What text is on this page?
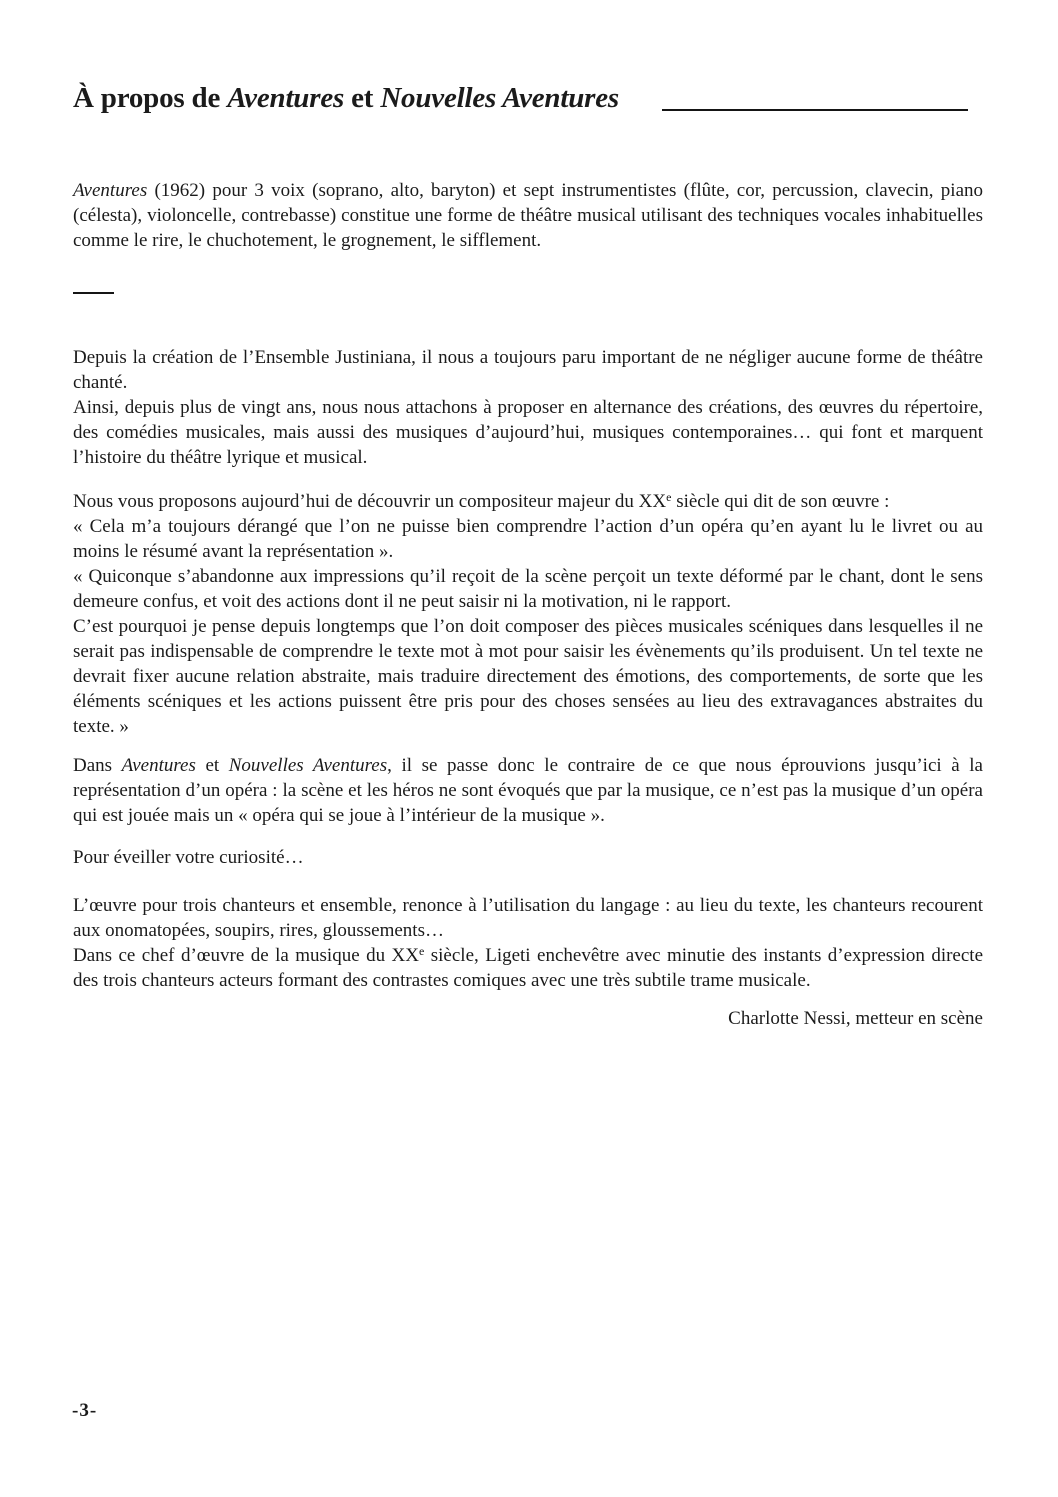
À propos de Aventures et Nouvelles Aventures

Aventures (1962) pour 3 voix (soprano, alto, baryton) et sept instrumentistes (flûte, cor, percussion, clavecin, piano (célesta), violoncelle, contrebasse) constitue une forme de théâtre musical utilisant des techniques vocales inhabituelles comme le rire, le chuchotement, le grognement, le sifflement.

Depuis la création de l’Ensemble Justiniana, il nous a toujours paru important de ne négliger aucune forme de théâtre chanté.

Ainsi, depuis plus de vingt ans, nous nous attachons à proposer en alternance des créations, des œuvres du répertoire, des comédies musicales, mais aussi des musiques d’aujourd’hui, musiques contemporaines… qui font et marquent l’histoire du théâtre lyrique et musical.

Nous vous proposons aujourd’hui de découvrir un compositeur majeur du XXe siècle qui dit de son œuvre :

« Cela m’a toujours dérangé que l’on ne puisse bien comprendre l’action d’un opéra qu’en ayant lu le livret ou au moins le résumé avant la représentation ».

« Quiconque s’abandonne aux impressions qu’il reçoit de la scène perçoit un texte déformé par le chant, dont le sens demeure confus, et voit des actions dont il ne peut saisir ni la motivation, ni le rapport.

C’est pourquoi je pense depuis longtemps que l’on doit composer des pièces musicales scéniques dans lesquelles il ne serait pas indispensable de comprendre le texte mot à mot pour saisir les évènements qu’ils produisent. Un tel texte ne devrait fixer aucune relation abstraite, mais traduire directement des émotions, des comportements, de sorte que les éléments scéniques et les actions puissent être pris pour des choses sensées au lieu des extravagances abstraites du texte. »

Dans Aventures et Nouvelles Aventures, il se passe donc le contraire de ce que nous éprouvions jusqu’ici à la représentation d’un opéra : la scène et les héros ne sont évoqués que par la musique, ce n’est pas la musique d’un opéra qui est jouée mais un « opéra qui se joue à l’intérieur de la musique ».

Pour éveiller votre curiosité…

L’œuvre pour trois chanteurs et ensemble, renonce à l’utilisation du langage : au lieu du texte, les chanteurs recourent aux onomatopées, soupirs, rires, gloussements…

Dans ce chef d’œuvre de la musique du XXe siècle, Ligeti enchevêtre avec minutie des instants d’expression directe des trois chanteurs acteurs formant des contrastes comiques avec une très subtile trame musicale.

Charlotte Nessi, metteur en scène

-3-
